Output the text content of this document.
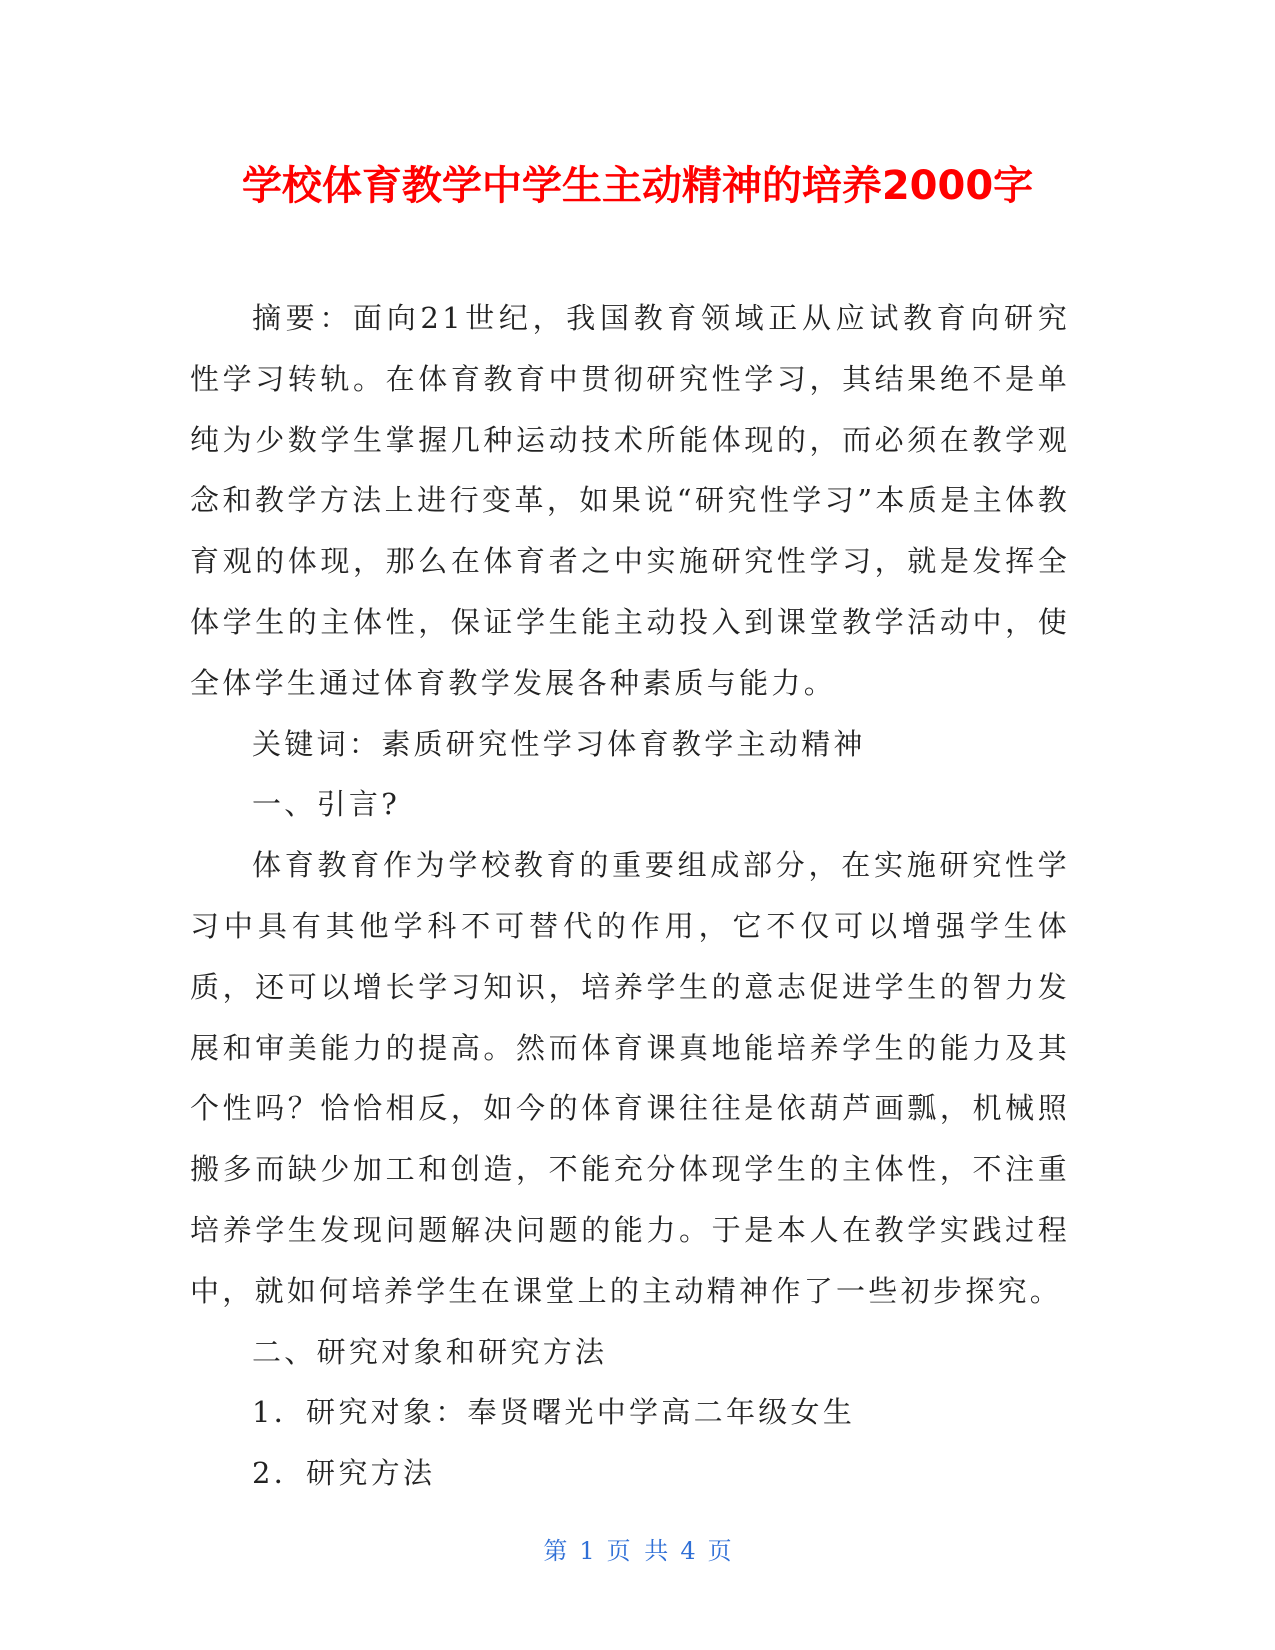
学校体育教学中学生主动精神的培养2000字

摘要：面向21世纪，我国教育领域正从应试教育向研究性学习转轨。在体育教育中贯彻研究性学习，其结果绝不是单纯为少数学生掌握几种运动技术所能体现的，而必须在教学观念和教学方法上进行变革，如果说“研究性学习”本质是主体教育观的体现，那么在体育者之中实施研究性学习，就是发挥全体学生的主体性，保证学生能主动投入到课堂教学活动中，使全体学生通过体育教学发展各种素质与能力。

关键词：素质研究性学习体育教学主动精神

一、引言?

体育教育作为学校教育的重要组成部分，在实施研究性学习中具有其他学科不可替代的作用，它不仅可以增强学生体质，还可以增长学习知识，培养学生的意志促进学生的智力发展和审美能力的提高。然而体育课真地能培养学生的能力及其个性吗？恰恰相反，如今的体育课往往是依葫芦画瓢，机械照搬多而缺少加工和创造，不能充分体现学生的主体性，不注重培养学生发现问题解决问题的能力。于是本人在教学实践过程中，就如何培养学生在课堂上的主动精神作了一些初步探究。

二、研究对象和研究方法

1．研究对象：奉贤曙光中学高二年级女生

2．研究方法

第 1 页 共 4 页
